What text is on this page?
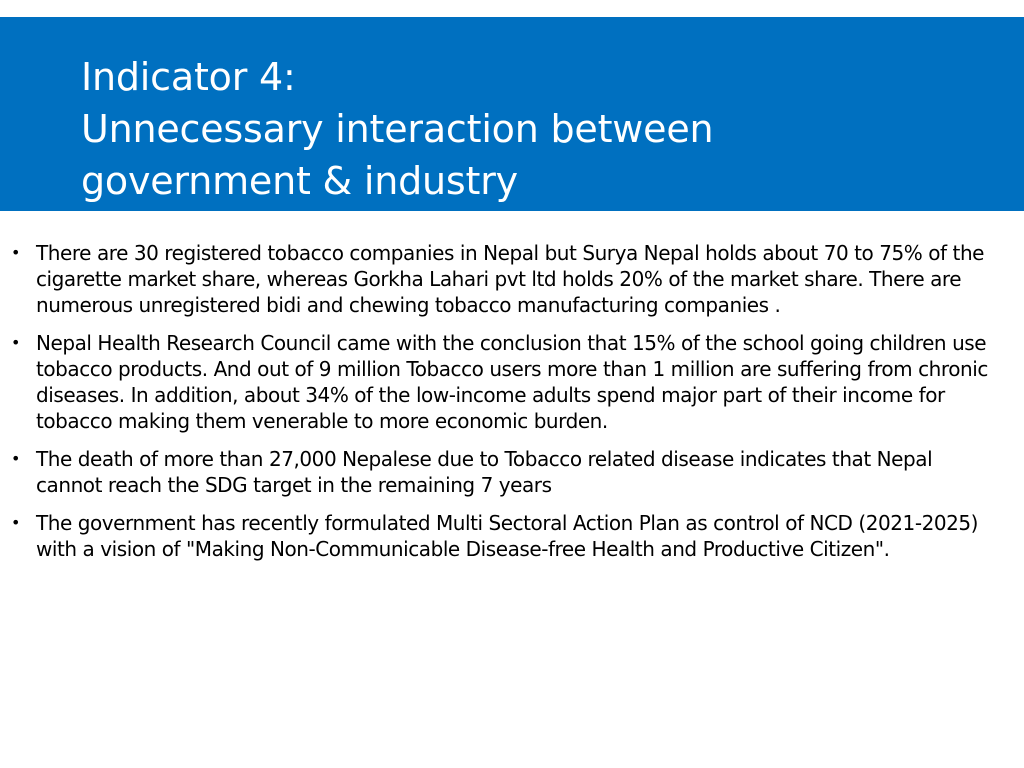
Indicator 4:
Unnecessary interaction between
government & industry
• There are 30 registered tobacco companies in Nepal but Surya Nepal holds about 70 to 75% of the cigarette market share, whereas Gorkha Lahari pvt ltd holds 20% of the market share. There are numerous unregistered bidi and chewing tobacco manufacturing companies .
• Nepal Health Research Council came with the conclusion that 15% of the school going children use tobacco products. And out of 9 million Tobacco users more than 1 million are suffering from chronic diseases. In addition, about 34% of the low-income adults spend major part of their income for tobacco making them venerable to more economic burden.
• The death of more than 27,000 Nepalese due to Tobacco related disease indicates that Nepal cannot reach the SDG target in the remaining 7 years
• The government has recently formulated Multi Sectoral Action Plan as control of NCD (2021-2025) with a vision of "Making Non-Communicable Disease-free Health and Productive Citizen".
